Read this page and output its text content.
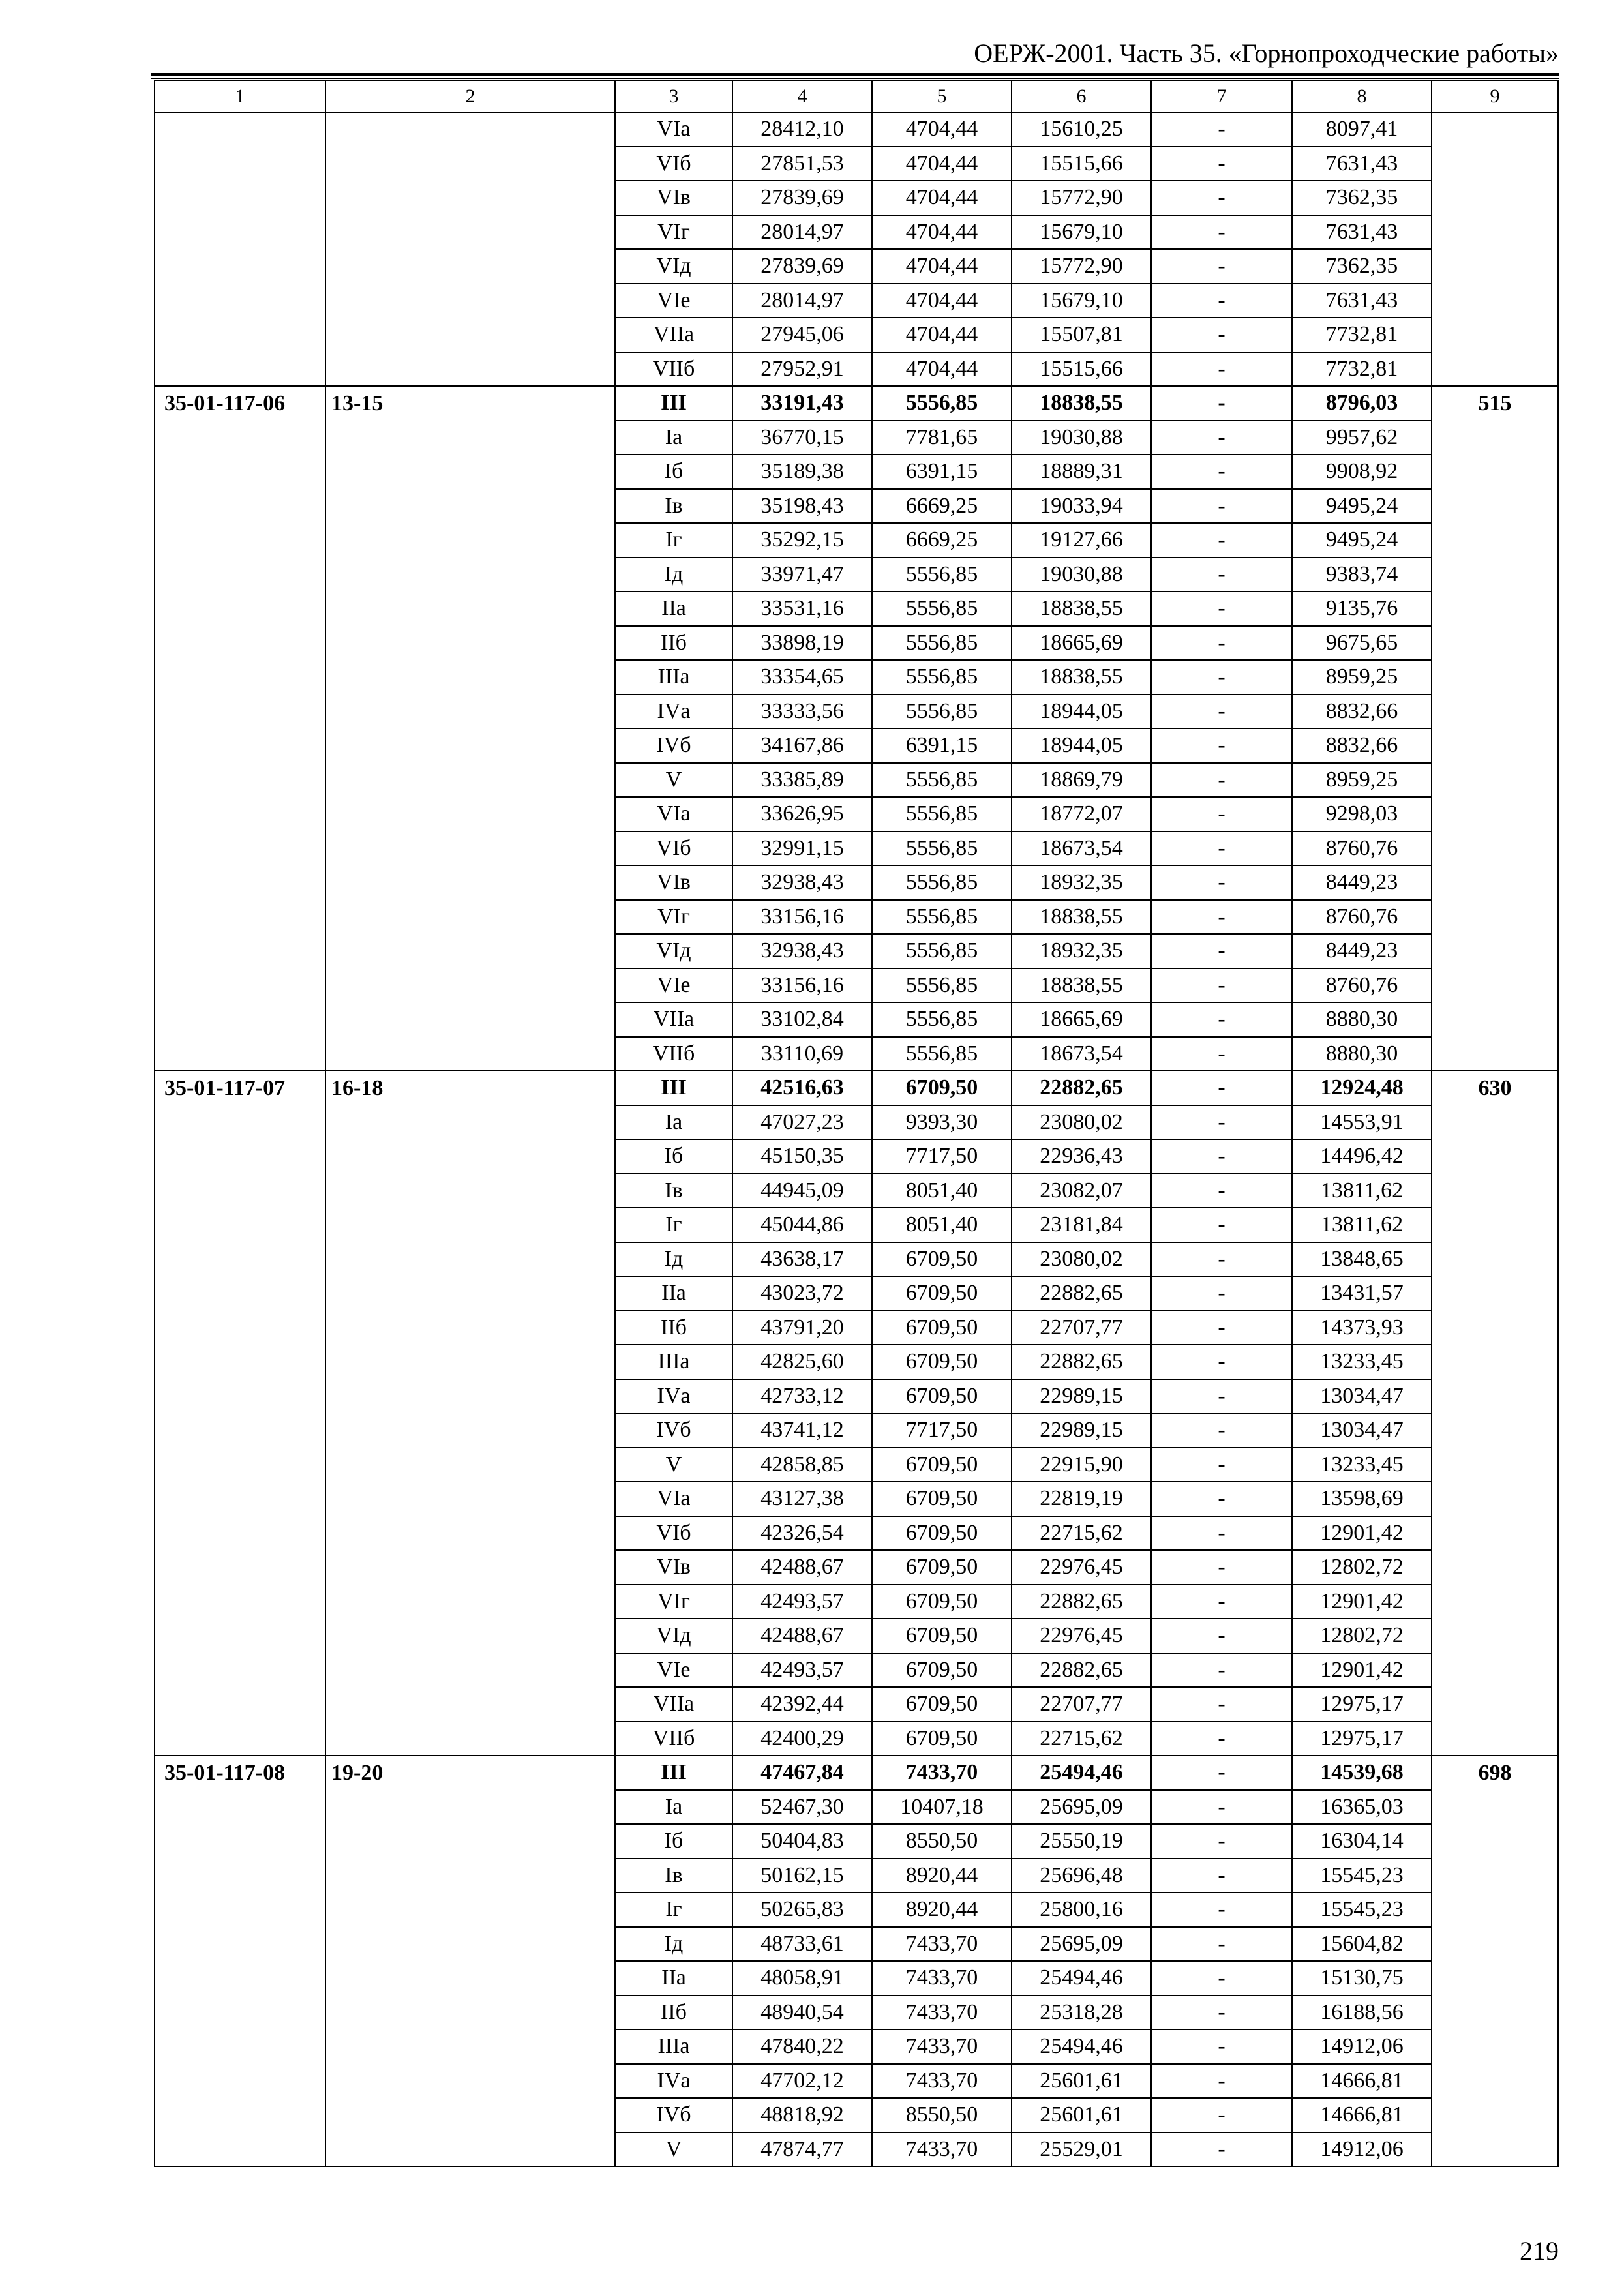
ОЕРЖ-2001. Часть 35. «Горнопроходческие работы»
1	2	3	4	5	6	7	8	9
		VIа	28412,10	4704,44	15610,25	-	8097,41	
		VIб	27851,53	4704,44	15515,66	-	7631,43	
		VIв	27839,69	4704,44	15772,90	-	7362,35	
		VIг	28014,97	4704,44	15679,10	-	7631,43	
		VIд	27839,69	4704,44	15772,90	-	7362,35	
		VIе	28014,97	4704,44	15679,10	-	7631,43	
		VIIа	27945,06	4704,44	15507,81	-	7732,81	
		VIIб	27952,91	4704,44	15515,66	-	7732,81	
35-01-117-06	13-15	III	33191,43	5556,85	18838,55	-	8796,03	515
		Iа	36770,15	7781,65	19030,88	-	9957,62	
		Iб	35189,38	6391,15	18889,31	-	9908,92	
		Iв	35198,43	6669,25	19033,94	-	9495,24	
		Iг	35292,15	6669,25	19127,66	-	9495,24	
		Iд	33971,47	5556,85	19030,88	-	9383,74	
		IIа	33531,16	5556,85	18838,55	-	9135,76	
		IIб	33898,19	5556,85	18665,69	-	9675,65	
		IIIа	33354,65	5556,85	18838,55	-	8959,25	
		IVа	33333,56	5556,85	18944,05	-	8832,66	
		IVб	34167,86	6391,15	18944,05	-	8832,66	
		V	33385,89	5556,85	18869,79	-	8959,25	
		VIа	33626,95	5556,85	18772,07	-	9298,03	
		VIб	32991,15	5556,85	18673,54	-	8760,76	
		VIв	32938,43	5556,85	18932,35	-	8449,23	
		VIг	33156,16	5556,85	18838,55	-	8760,76	
		VIд	32938,43	5556,85	18932,35	-	8449,23	
		VIе	33156,16	5556,85	18838,55	-	8760,76	
		VIIа	33102,84	5556,85	18665,69	-	8880,30	
		VIIб	33110,69	5556,85	18673,54	-	8880,30	
35-01-117-07	16-18	III	42516,63	6709,50	22882,65	-	12924,48	630
		Iа	47027,23	9393,30	23080,02	-	14553,91	
		Iб	45150,35	7717,50	22936,43	-	14496,42	
		Iв	44945,09	8051,40	23082,07	-	13811,62	
		Iг	45044,86	8051,40	23181,84	-	13811,62	
		Iд	43638,17	6709,50	23080,02	-	13848,65	
		IIа	43023,72	6709,50	22882,65	-	13431,57	
		IIб	43791,20	6709,50	22707,77	-	14373,93	
		IIIа	42825,60	6709,50	22882,65	-	13233,45	
		IVа	42733,12	6709,50	22989,15	-	13034,47	
		IVб	43741,12	7717,50	22989,15	-	13034,47	
		V	42858,85	6709,50	22915,90	-	13233,45	
		VIа	43127,38	6709,50	22819,19	-	13598,69	
		VIб	42326,54	6709,50	22715,62	-	12901,42	
		VIв	42488,67	6709,50	22976,45	-	12802,72	
		VIг	42493,57	6709,50	22882,65	-	12901,42	
		VIд	42488,67	6709,50	22976,45	-	12802,72	
		VIе	42493,57	6709,50	22882,65	-	12901,42	
		VIIа	42392,44	6709,50	22707,77	-	12975,17	
		VIIб	42400,29	6709,50	22715,62	-	12975,17	
35-01-117-08	19-20	III	47467,84	7433,70	25494,46	-	14539,68	698
		Iа	52467,30	10407,18	25695,09	-	16365,03	
		Iб	50404,83	8550,50	25550,19	-	16304,14	
		Iв	50162,15	8920,44	25696,48	-	15545,23	
		Iг	50265,83	8920,44	25800,16	-	15545,23	
		Iд	48733,61	7433,70	25695,09	-	15604,82	
		IIа	48058,91	7433,70	25494,46	-	15130,75	
		IIб	48940,54	7433,70	25318,28	-	16188,56	
		IIIа	47840,22	7433,70	25494,46	-	14912,06	
		IVа	47702,12	7433,70	25601,61	-	14666,81	
		IVб	48818,92	8550,50	25601,61	-	14666,81	
		V	47874,77	7433,70	25529,01	-	14912,06	
219
